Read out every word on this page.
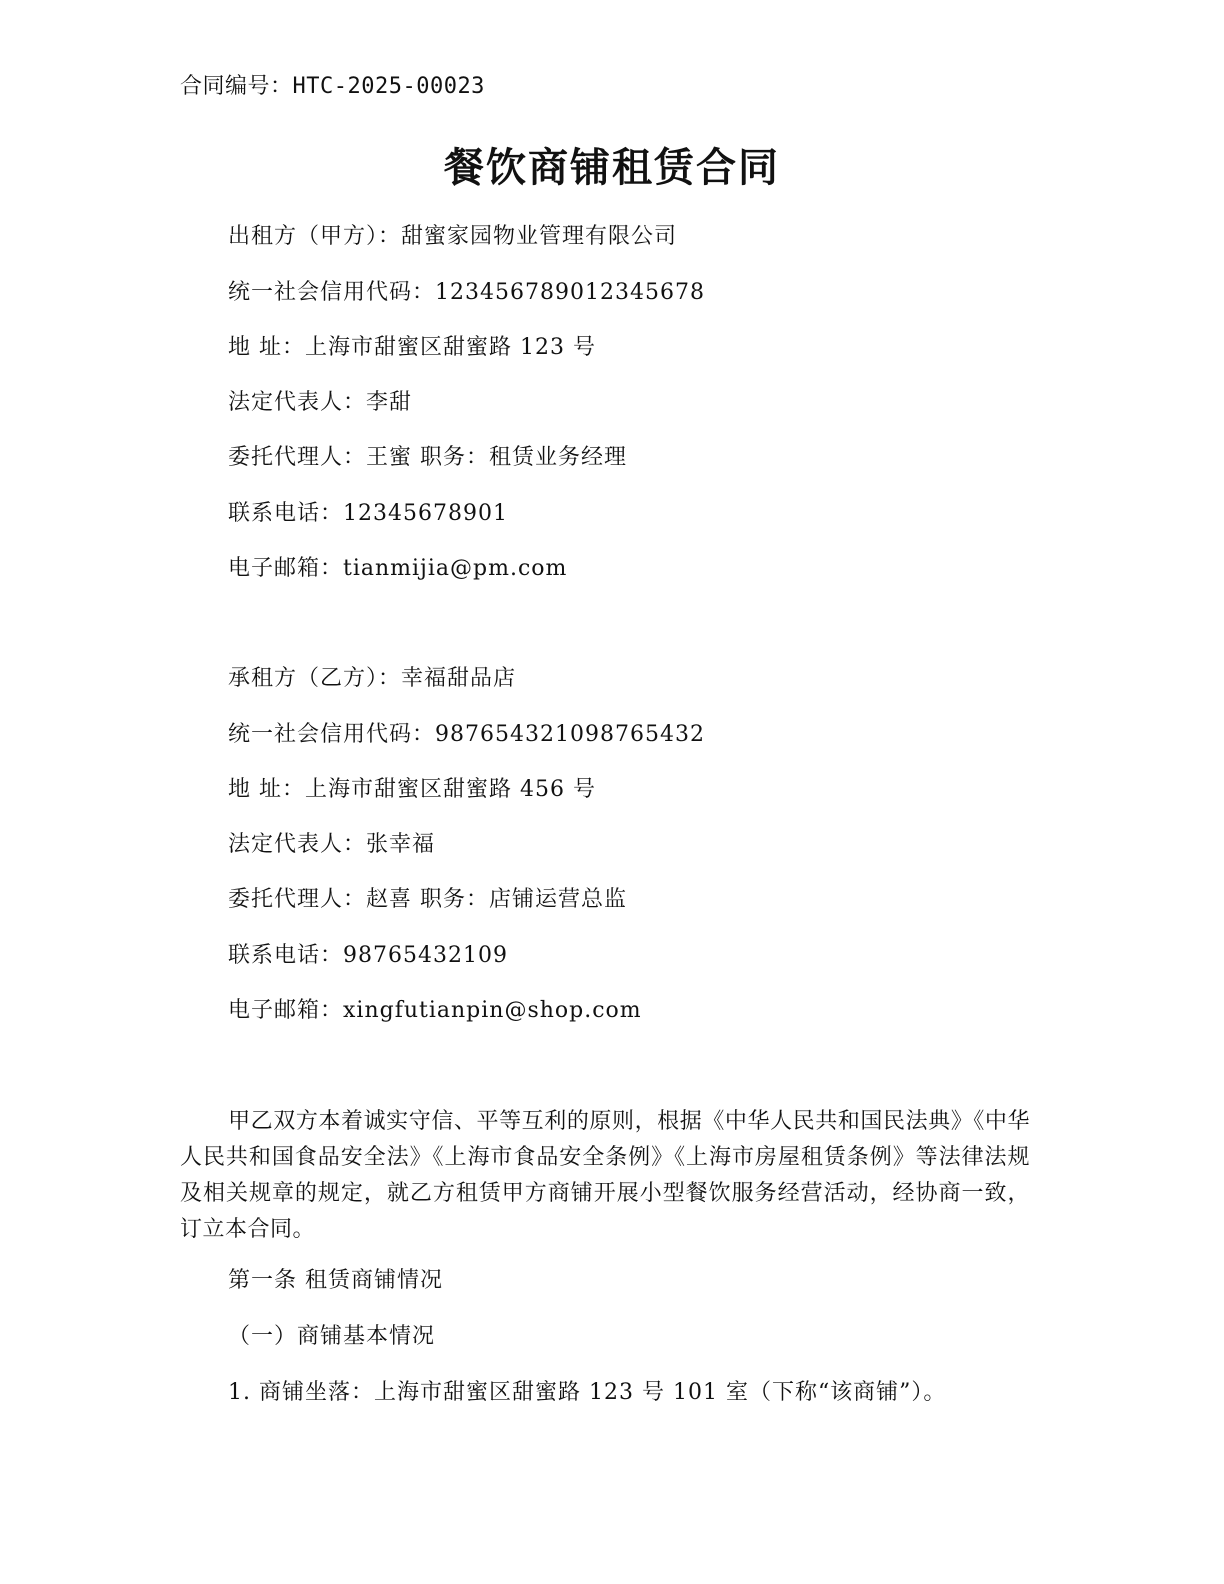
合同编号：HTC-2025-00023
餐饮商铺租赁合同
出租方（甲方）：甜蜜家园物业管理有限公司
统一社会信用代码：123456789012345678
地 址：上海市甜蜜区甜蜜路 123 号
法定代表人：李甜
委托代理人：王蜜 职务：租赁业务经理
联系电话：12345678901
电子邮箱：tianmijia@pm.com
承租方（乙方）：幸福甜品店
统一社会信用代码：987654321098765432
地 址：上海市甜蜜区甜蜜路 456 号
法定代表人：张幸福
委托代理人：赵喜 职务：店铺运营总监
联系电话：98765432109
电子邮箱：xingfutianpin@shop.com
甲乙双方本着诚实守信、平等互利的原则，根据《中华人民共和国民法典》《中华人民共和国食品安全法》《上海市食品安全条例》《上海市房屋租赁条例》等法律法规及相关规章的规定，就乙方租赁甲方商铺开展小型餐饮服务经营活动，经协商一致，订立本合同。
第一条 租赁商铺情况
（一）商铺基本情况
1. 商铺坐落：上海市甜蜜区甜蜜路 123 号 101 室（下称“该商铺”）。
